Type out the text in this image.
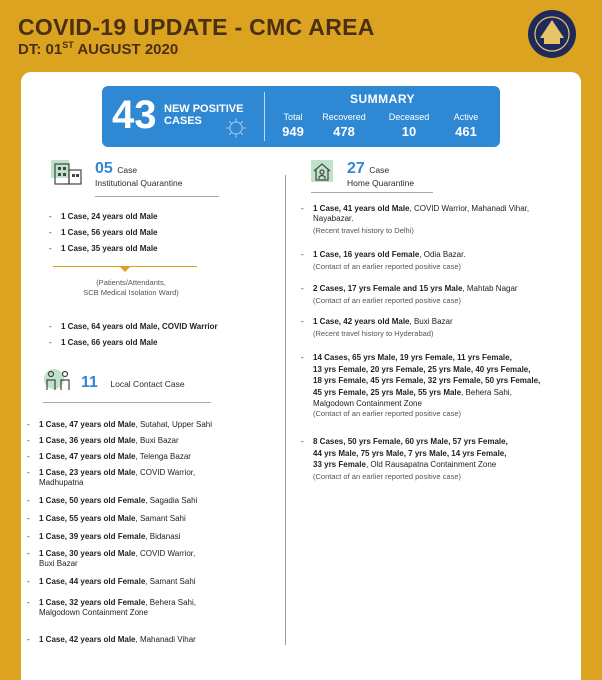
COVID-19 UPDATE - CMC AREA
DT: 01ST AUGUST 2020
43 NEW POSITIVE
CASES
SUMMARY
Total
949
Recovered
478
Deceased
10
Active
461
05 Case
Institutional Quarantine
-	1 Case, 24 years old Male
-	1 Case, 56 years old Male
-	1 Case, 35 years old Male
(Patients/Attendants,
SCB Medical Isolation Ward)
-	1 Case, 64 years old Male, COVID Warrior
-	1 Case, 66 years old Male
11 Local Contact Case
-	1 Case, 47 years old Male, Sutahat, Upper Sahi
-	1 Case, 36 years old Male, Buxi Bazar
-	1 Case, 47 years old Male, Telenga Bazar
-	1 Case, 23 years old Male, COVID Warrior,
Madhupatna
-	1 Case, 50 years old Female, Sagadia Sahi
-	1 Case, 55 years old Male, Samant Sahi
-	1 Case, 39 years old Female, Bidanasi
-	1 Case, 30 years old Male, COVID Warrior,
Buxi Bazar
-	1 Case, 44 years old Female, Samant Sahi
-	1 Case, 32 years old Female, Behera Sahi,
Malgodown Containment Zone
-	1 Case, 42 years old Male, Mahanadi Vihar
27 Case
Home Quarantine
-	1 Case, 41 years old Male, COVID Warrior, Mahanadi Vihar,
Nayabazar.
(Recent travel history to Delhi)
-	1 Case, 16 years old Female, Odia Bazar.
(Contact of an earlier reported positive case)
-	2 Cases, 17 yrs Female and 15 yrs Male, Mahtab Nagar
(Contact of an earlier reported positive case)
-	1 Case, 42 years old Male, Buxi Bazar
(Recent travel history to Hyderabad)
-	14 Cases, 65 yrs Male, 19 yrs Female, 11 yrs Female,
13 yrs Female, 20 yrs Female, 25 yrs Male, 40 yrs Female,
18 yrs Female, 45 yrs Female, 32 yrs Female, 50 yrs Female,
45 yrs Female, 25 yrs Male, 55 yrs Male, Behera Sahi,
Malgodown Containment Zone
(Contact of an earlier reported positive case)
-	8 Cases, 50 yrs Female, 60 yrs Male, 57 yrs Female,
44 yrs Male, 75 yrs Male, 7 yrs Male, 14 yrs Female,
33 yrs Female, Old Rausapatna Containment Zone
(Contact of an earlier reported positive case)
